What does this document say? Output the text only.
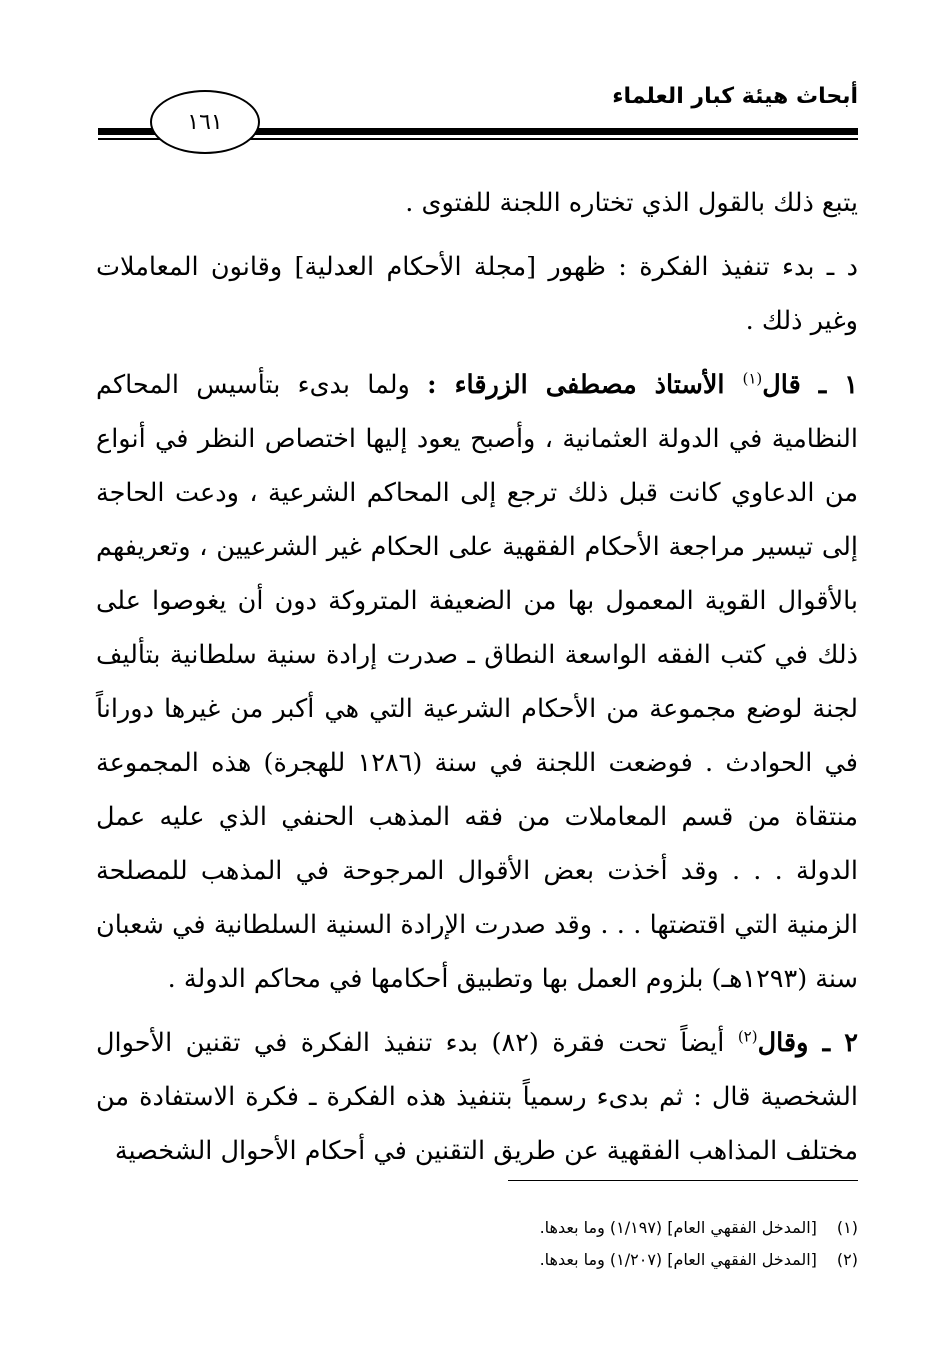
أبحاث هيئة كبار العلماء
١٦١

يتبع ذلك بالقول الذي تختاره اللجنة للفتوى .

د ـ بدء تنفيذ الفكرة : ظهور [مجلة الأحكام العدلية] وقانون المعاملات وغير ذلك .

١ ـ قال$^{(١)}$ الأستاذ مصطفى الزرقاء : ولما بدىء بتأسيس المحاكم النظامية في الدولة العثمانية ، وأصبح يعود إليها اختصاص النظر في أنواع من الدعاوي كانت قبل ذلك ترجع إلى المحاكم الشرعية ، ودعت الحاجة إلى تيسير مراجعة الأحكام الفقهية على الحكام غير الشرعيين ، وتعريفهم بالأقوال القوية المعمول بها من الضعيفة المتروكة دون أن يغوصوا على ذلك في كتب الفقه الواسعة النطاق ـ صدرت إرادة سنية سلطانية بتأليف لجنة لوضع مجموعة من الأحكام الشرعية التي هي أكبر من غيرها دوراناً في الحوادث . فوضعت اللجنة في سنة (١٢٨٦ للهجرة) هذه المجموعة منتقاة من قسم المعاملات من فقه المذهب الحنفي الذي عليه عمل الدولة . . . وقد أخذت بعض الأقوال المرجوحة في المذهب للمصلحة الزمنية التي اقتضتها . . . وقد صدرت الإرادة السنية السلطانية في شعبان سنة (١٢٩٣هـ) بلزوم العمل بها وتطبيق أحكامها في محاكم الدولة .

٢ ـ وقال$^{(٢)}$ أيضاً تحت فقرة (٨٢) بدء تنفيذ الفكرة في تقنين الأحوال الشخصية قال : ثم بدىء رسمياً بتنفيذ هذه الفكرة ـ فكرة الاستفادة من مختلف المذاهب الفقهية عن طريق التقنين في أحكام الأحوال الشخصية

(١) [المدخل الفقهي العام] (١/١٩٧) وما بعدها.
(٢) [المدخل الفقهي العام] (١/٢٠٧) وما بعدها.
